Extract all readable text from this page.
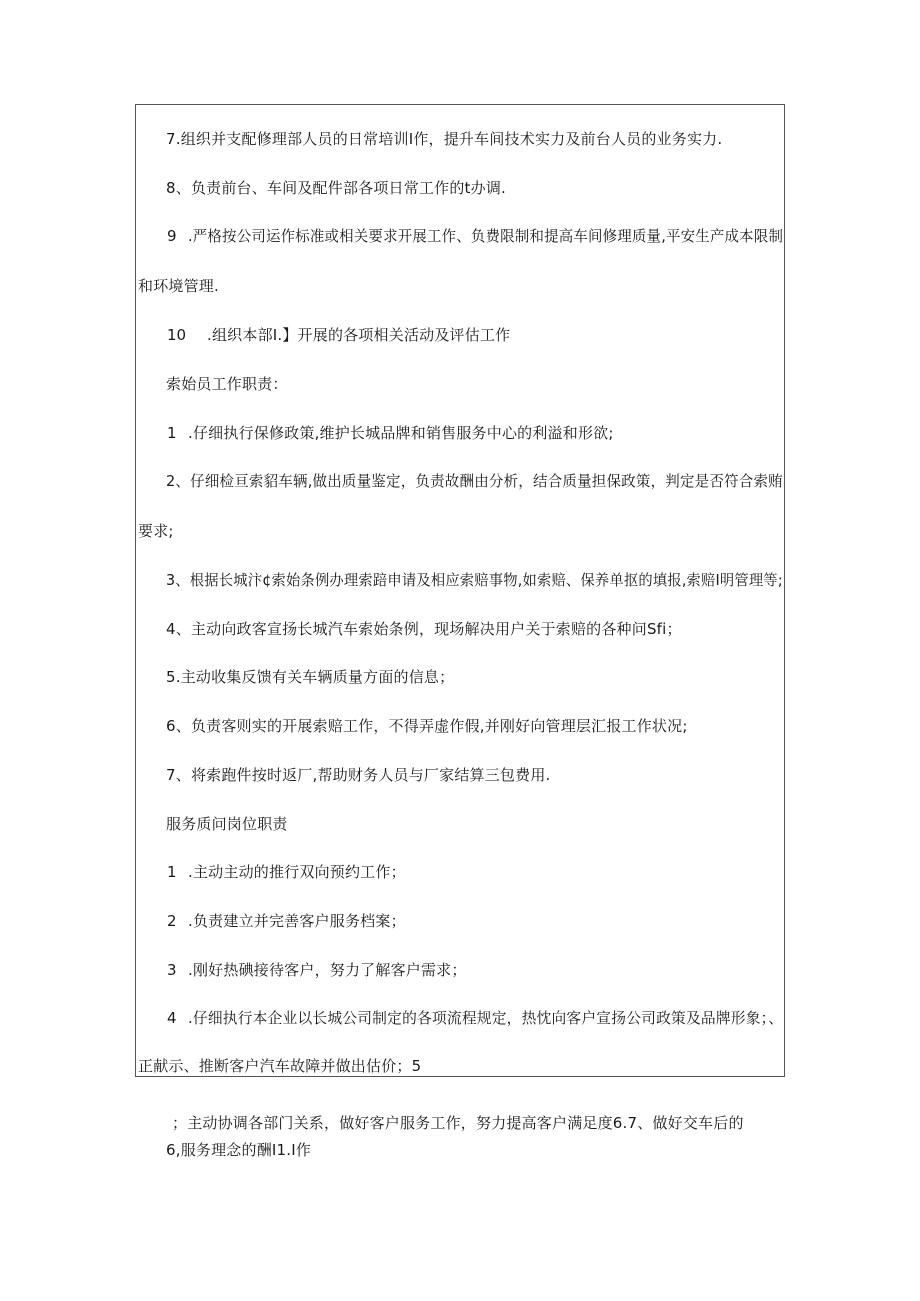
7.组织并支配修理部人员的日常培训I作，提升车间技术实力及前台人员的业务实力.
8、负责前台、车间及配件部各项日常工作的t办调.
9 .严格按公司运作标准或相关要求开展工作、负费限制和提高车间修理质量,平安生产成本限制
和环境管理.
10 .组织本部I.】开展的各项相关活动及评估工作
索始员工作职责：
1 .仔细执行保修政策,维护长城品牌和销售服务中心的利溢和形欲;
2、仔细检亘索貂车辆,做出质量鉴定，负责故酬由分析，结合质量担保政策，判定是否符合索贿
要求;
3、根据长城汴¢索始条例办理索踣申请及相应索赔事物,如索赔、保养单抠的填报,索赔I明管理等;
4、主动向政客宣扬长城汽车索始条例，现场解决用户关于索赔的各种问Sfi；
5.主动收集反馈有关车辆质量方面的信息；
6、负责客则实的开展索赔工作，不得弄虚作假,并刚好向管理层汇报工作状况;
7、将索跑件按时返厂,帮助财务人员与厂家结算三包费用.
服务质问岗位职责
1 .主动主动的推行双向预约工作；
2 .负责建立并完善客户服务档案；
3 .刚好热碘接待客户，努力了解客户需求；
4 .仔细执行本企业以长城公司制定的各项流程规定，热忱向客户宣扬公司政策及品牌形象；、
正献示、推断客户汽车故障并做出估价；5
；主动协调各部门关系，做好客户服务工作，努力提高客户满足度6.7、做好交车后的
6,服务理念的酬I1.I作
